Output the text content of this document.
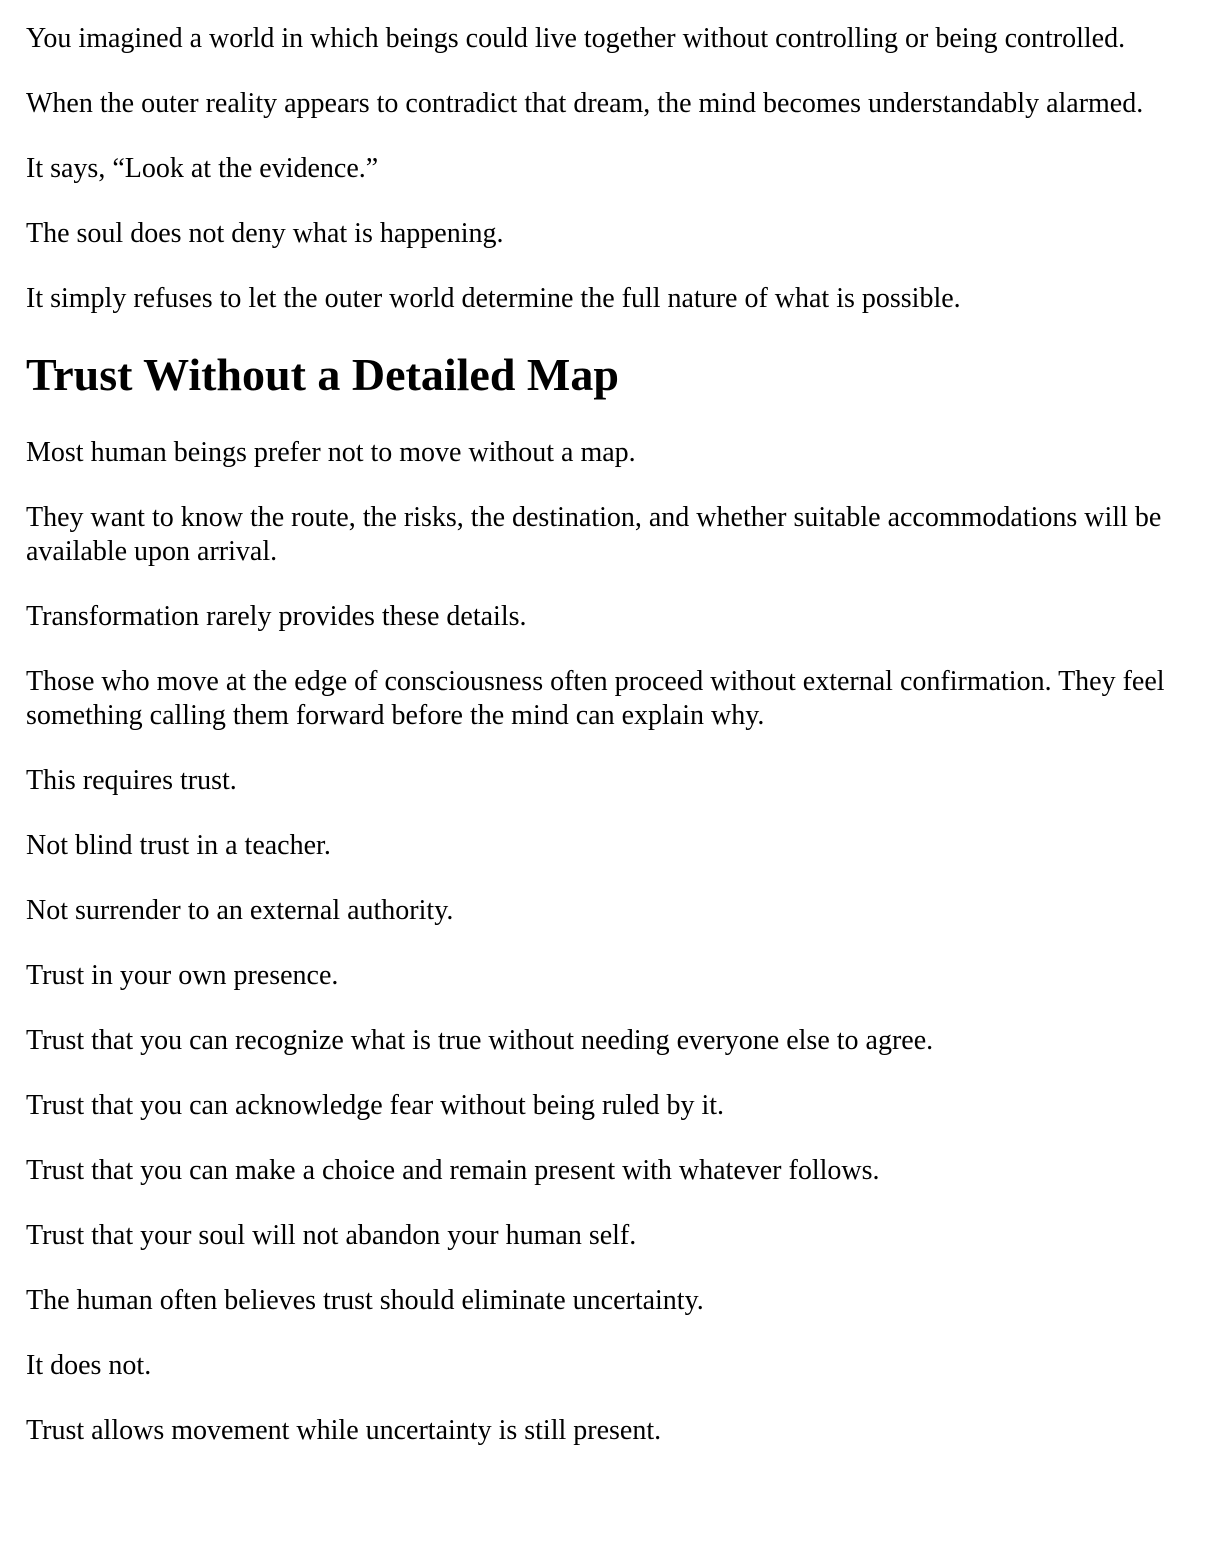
You imagined a world in which beings could live together without controlling or being controlled.

When the outer reality appears to contradict that dream, the mind becomes understandably alarmed.

It says, “Look at the evidence.”

The soul does not deny what is happening.

It simply refuses to let the outer world determine the full nature of what is possible.

Trust Without a Detailed Map

Most human beings prefer not to move without a map.

They want to know the route, the risks, the destination, and whether suitable accommodations will be available upon arrival.

Transformation rarely provides these details.

Those who move at the edge of consciousness often proceed without external confirmation. They feel something calling them forward before the mind can explain why.

This requires trust.

Not blind trust in a teacher.

Not surrender to an external authority.

Trust in your own presence.

Trust that you can recognize what is true without needing everyone else to agree.

Trust that you can acknowledge fear without being ruled by it.

Trust that you can make a choice and remain present with whatever follows.

Trust that your soul will not abandon your human self.

The human often believes trust should eliminate uncertainty.

It does not.

Trust allows movement while uncertainty is still present.
